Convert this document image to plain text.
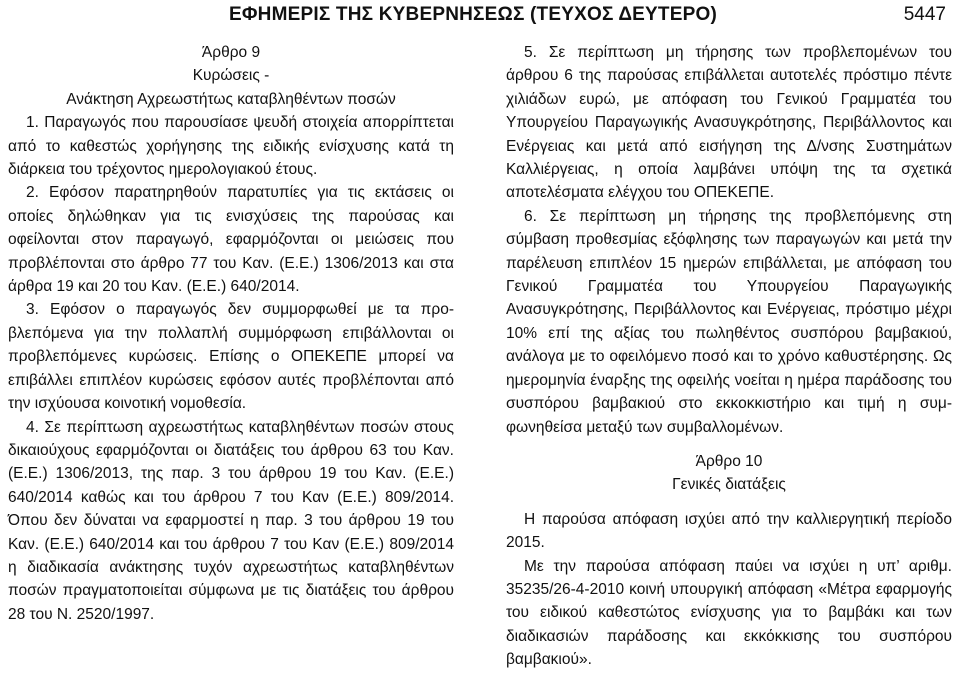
ΕΦΗΜΕΡΙΣ ΤΗΣ ΚΥΒΕΡΝΗΣΕΩΣ (ΤΕΥΧΟΣ ΔΕΥΤΕΡΟ)	5447

Άρθρο 9

Κυρώσεις -

Ανάκτηση Αχρεωστήτως καταβληθέντων ποσών

1. Παραγωγός που παρουσίασε ψευδή στοιχεία απορρίπτεται από το καθεστώς χορήγησης της ειδικής ενίσχυσης κατά τη διάρκεια του τρέχοντος ημερολογιακού έτους.

2. Εφόσον παρατηρηθούν παρατυπίες για τις εκτάσεις οι οποίες δηλώθηκαν για τις ενισχύσεις της παρούσας και οφείλονται στον παραγωγό, εφαρμόζονται οι μειώσεις που προβλέπονται στο άρθρο 77 του Καν. (Ε.Ε.) 1306/2013 και στα άρθρα 19 και 20 του Καν. (Ε.Ε.) 640/2014.

3. Εφόσον ο παραγωγός δεν συμμορφωθεί με τα προβλεπόμενα για την πολλαπλή συμμόρφωση επιβάλλονται οι προβλεπόμενες κυρώσεις. Επίσης ο ΟΠΕΚΕΠΕ μπορεί να επιβάλλει επιπλέον κυρώσεις εφόσον αυτές προβλέπονται από την ισχύουσα κοινοτική νομοθεσία.

4. Σε περίπτωση αχρεωστήτως καταβληθέντων ποσών στους δικαιούχους εφαρμόζονται οι διατάξεις του άρθρου 63 του Καν. (Ε.Ε.) 1306/2013, της παρ. 3 του άρθρου 19 του Καν. (Ε.Ε.) 640/2014 καθώς και του άρθρου 7 του Καν (Ε.Ε.) 809/2014. Όπου δεν δύναται να εφαρμοστεί η παρ. 3 του άρθρου 19 του Καν. (Ε.Ε.) 640/2014 και του άρθρου 7 του Καν (Ε.Ε.) 809/2014 η διαδικασία ανάκτησης τυχόν αχρεωστήτως καταβληθέντων ποσών πραγματοποιείται σύμφωνα με τις διατάξεις του άρθρου 28 του Ν. 2520/1997.

5. Σε περίπτωση μη τήρησης των προβλεπομένων του άρθρου 6 της παρούσας επιβάλλεται αυτοτελές πρόστιμο πέντε χιλιάδων ευρώ, με απόφαση του Γενικού Γραμματέα του Υπουργείου Παραγωγικής Ανασυγκρότησης, Περιβάλλοντος και Ενέργειας και μετά από εισήγηση της Δ/νσης Συστημάτων Καλλιέργειας, η οποία λαμβάνει υπόψη της τα σχετικά αποτελέσματα ελέγχου του ΟΠΕΚΕΠΕ.

6. Σε περίπτωση μη τήρησης της προβλεπόμενης στη σύμβαση προθεσμίας εξόφλησης των παραγωγών και μετά την παρέλευση επιπλέον 15 ημερών επιβάλλεται, με απόφαση του Γενικού Γραμματέα του Υπουργείου Παραγωγικής Ανασυγκρότησης, Περιβάλλοντος και Ενέργειας, πρόστιμο μέχρι 10% επί της αξίας του πωληθέντος συσπόρου βαμβακιού, ανάλογα με το οφειλόμενο ποσό και το χρόνο καθυστέρησης. Ως ημερομηνία έναρξης της οφειλής νοείται η ημέρα παράδοσης του συσπόρου βαμβακιού στο εκκοκκιστήριο και τιμή η συμφωνηθείσα μεταξύ των συμβαλλομένων.

Άρθρο 10

Γενικές διατάξεις

Η παρούσα απόφαση ισχύει από την καλλιεργητική περίοδο 2015.

Με την παρούσα απόφαση παύει να ισχύει η υπ’ αριθμ. 35235/26-4-2010 κοινή υπουργική απόφαση «Μέτρα εφαρμογής του ειδικού καθεστώτος ενίσχυσης για το βαμβάκι και των διαδικασιών παράδοσης και εκκόκκισης του συσπόρου βαμβακιού».
